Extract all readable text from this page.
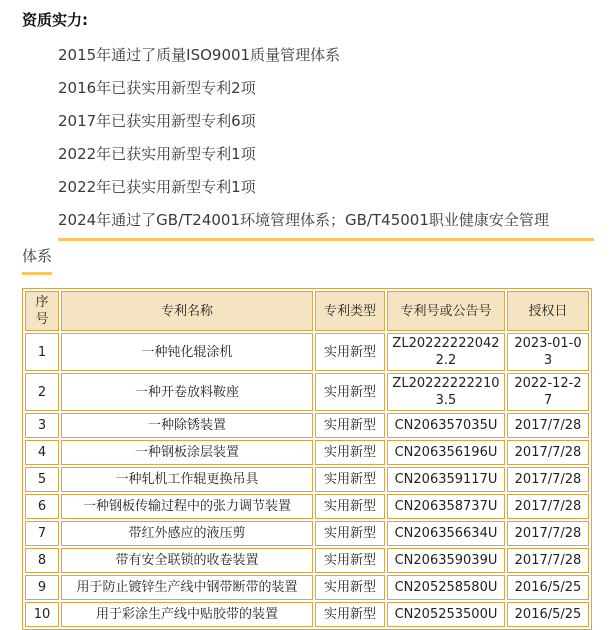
资质实力:

2015年通过了质量ISO9001质量管理体系

2016年已获实用新型专利2项

2017年已获实用新型专利6项

2022年已获实用新型专利1项

2022年已获实用新型专利1项

2024年通过了GB/T24001环境管理体系；GB/T45001职业健康安全管理

体系

序号	专利名称	专利类型	专利号或公告号	授权日
1	一种钝化辊涂机	实用新型	ZL202222220422.2	2023-01-03
2	一种开卷放料鞍座	实用新型	ZL202222222103.5	2022-12-27
3	一种除锈装置	实用新型	CN206357035U	2017/7/28
4	一种钢板涂层装置	实用新型	CN206356196U	2017/7/28
5	一种轧机工作辊更换吊具	实用新型	CN206359117U	2017/7/28
6	一种钢板传输过程中的张力调节装置	实用新型	CN206358737U	2017/7/28
7	带红外感应的液压剪	实用新型	CN206356634U	2017/7/28
8	带有安全联锁的收卷装置	实用新型	CN206359039U	2017/7/28
9	用于防止镀锌生产线中钢带断带的装置	实用新型	CN205258580U	2016/5/25
10	用于彩涂生产线中贴胶带的装置	实用新型	CN205253500U	2016/5/25
